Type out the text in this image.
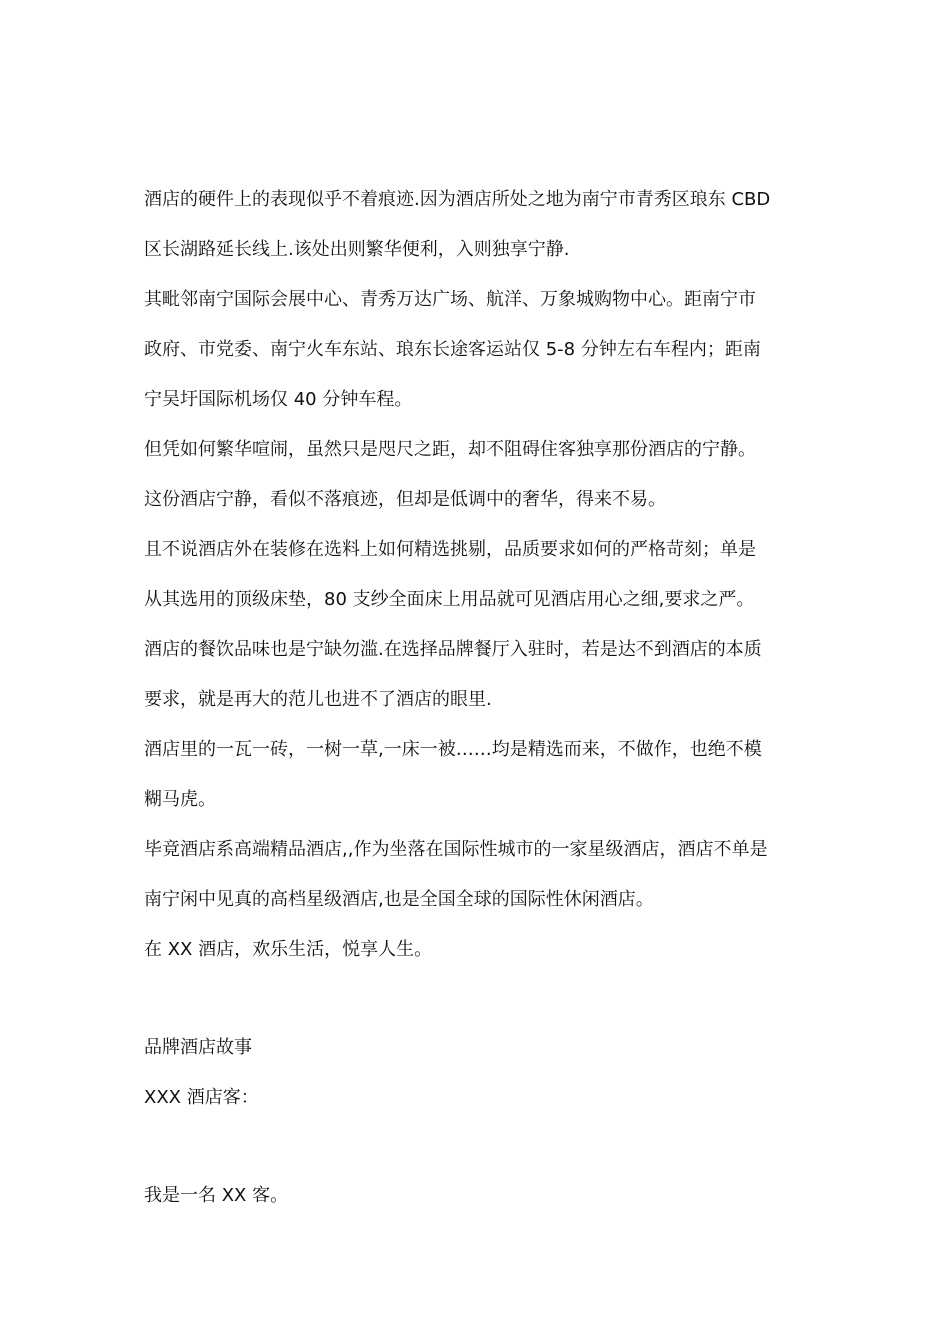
酒店的硬件上的表现似乎不着痕迹.因为酒店所处之地为南宁市青秀区琅东 CBD
区长湖路延长线上.该处出则繁华便利，入则独享宁静.
其毗邻南宁国际会展中心、青秀万达广场、航洋、万象城购物中心。距南宁市
政府、市党委、南宁火车东站、琅东长途客运站仅 5-8 分钟左右车程内；距南
宁吴圩国际机场仅 40 分钟车程。
但凭如何繁华喧闹，虽然只是咫尺之距，却不阻碍住客独享那份酒店的宁静。
这份酒店宁静，看似不落痕迹，但却是低调中的奢华，得来不易。
且不说酒店外在装修在选料上如何精选挑剔，品质要求如何的严格苛刻；单是
从其选用的顶级床垫，80 支纱全面床上用品就可见酒店用心之细,要求之严。
酒店的餐饮品味也是宁缺勿滥.在选择品牌餐厅入驻时，若是达不到酒店的本质
要求，就是再大的范儿也进不了酒店的眼里.
酒店里的一瓦一砖，一树一草,一床一被……均是精选而来，不做作，也绝不模
糊马虎。
毕竟酒店系高端精品酒店,,作为坐落在国际性城市的一家星级酒店，酒店不单是
南宁闲中见真的高档星级酒店,也是全国全球的国际性休闲酒店。
在 XX 酒店，欢乐生活，悦享人生。
品牌酒店故事
XXX 酒店客：
我是一名 XX 客。
